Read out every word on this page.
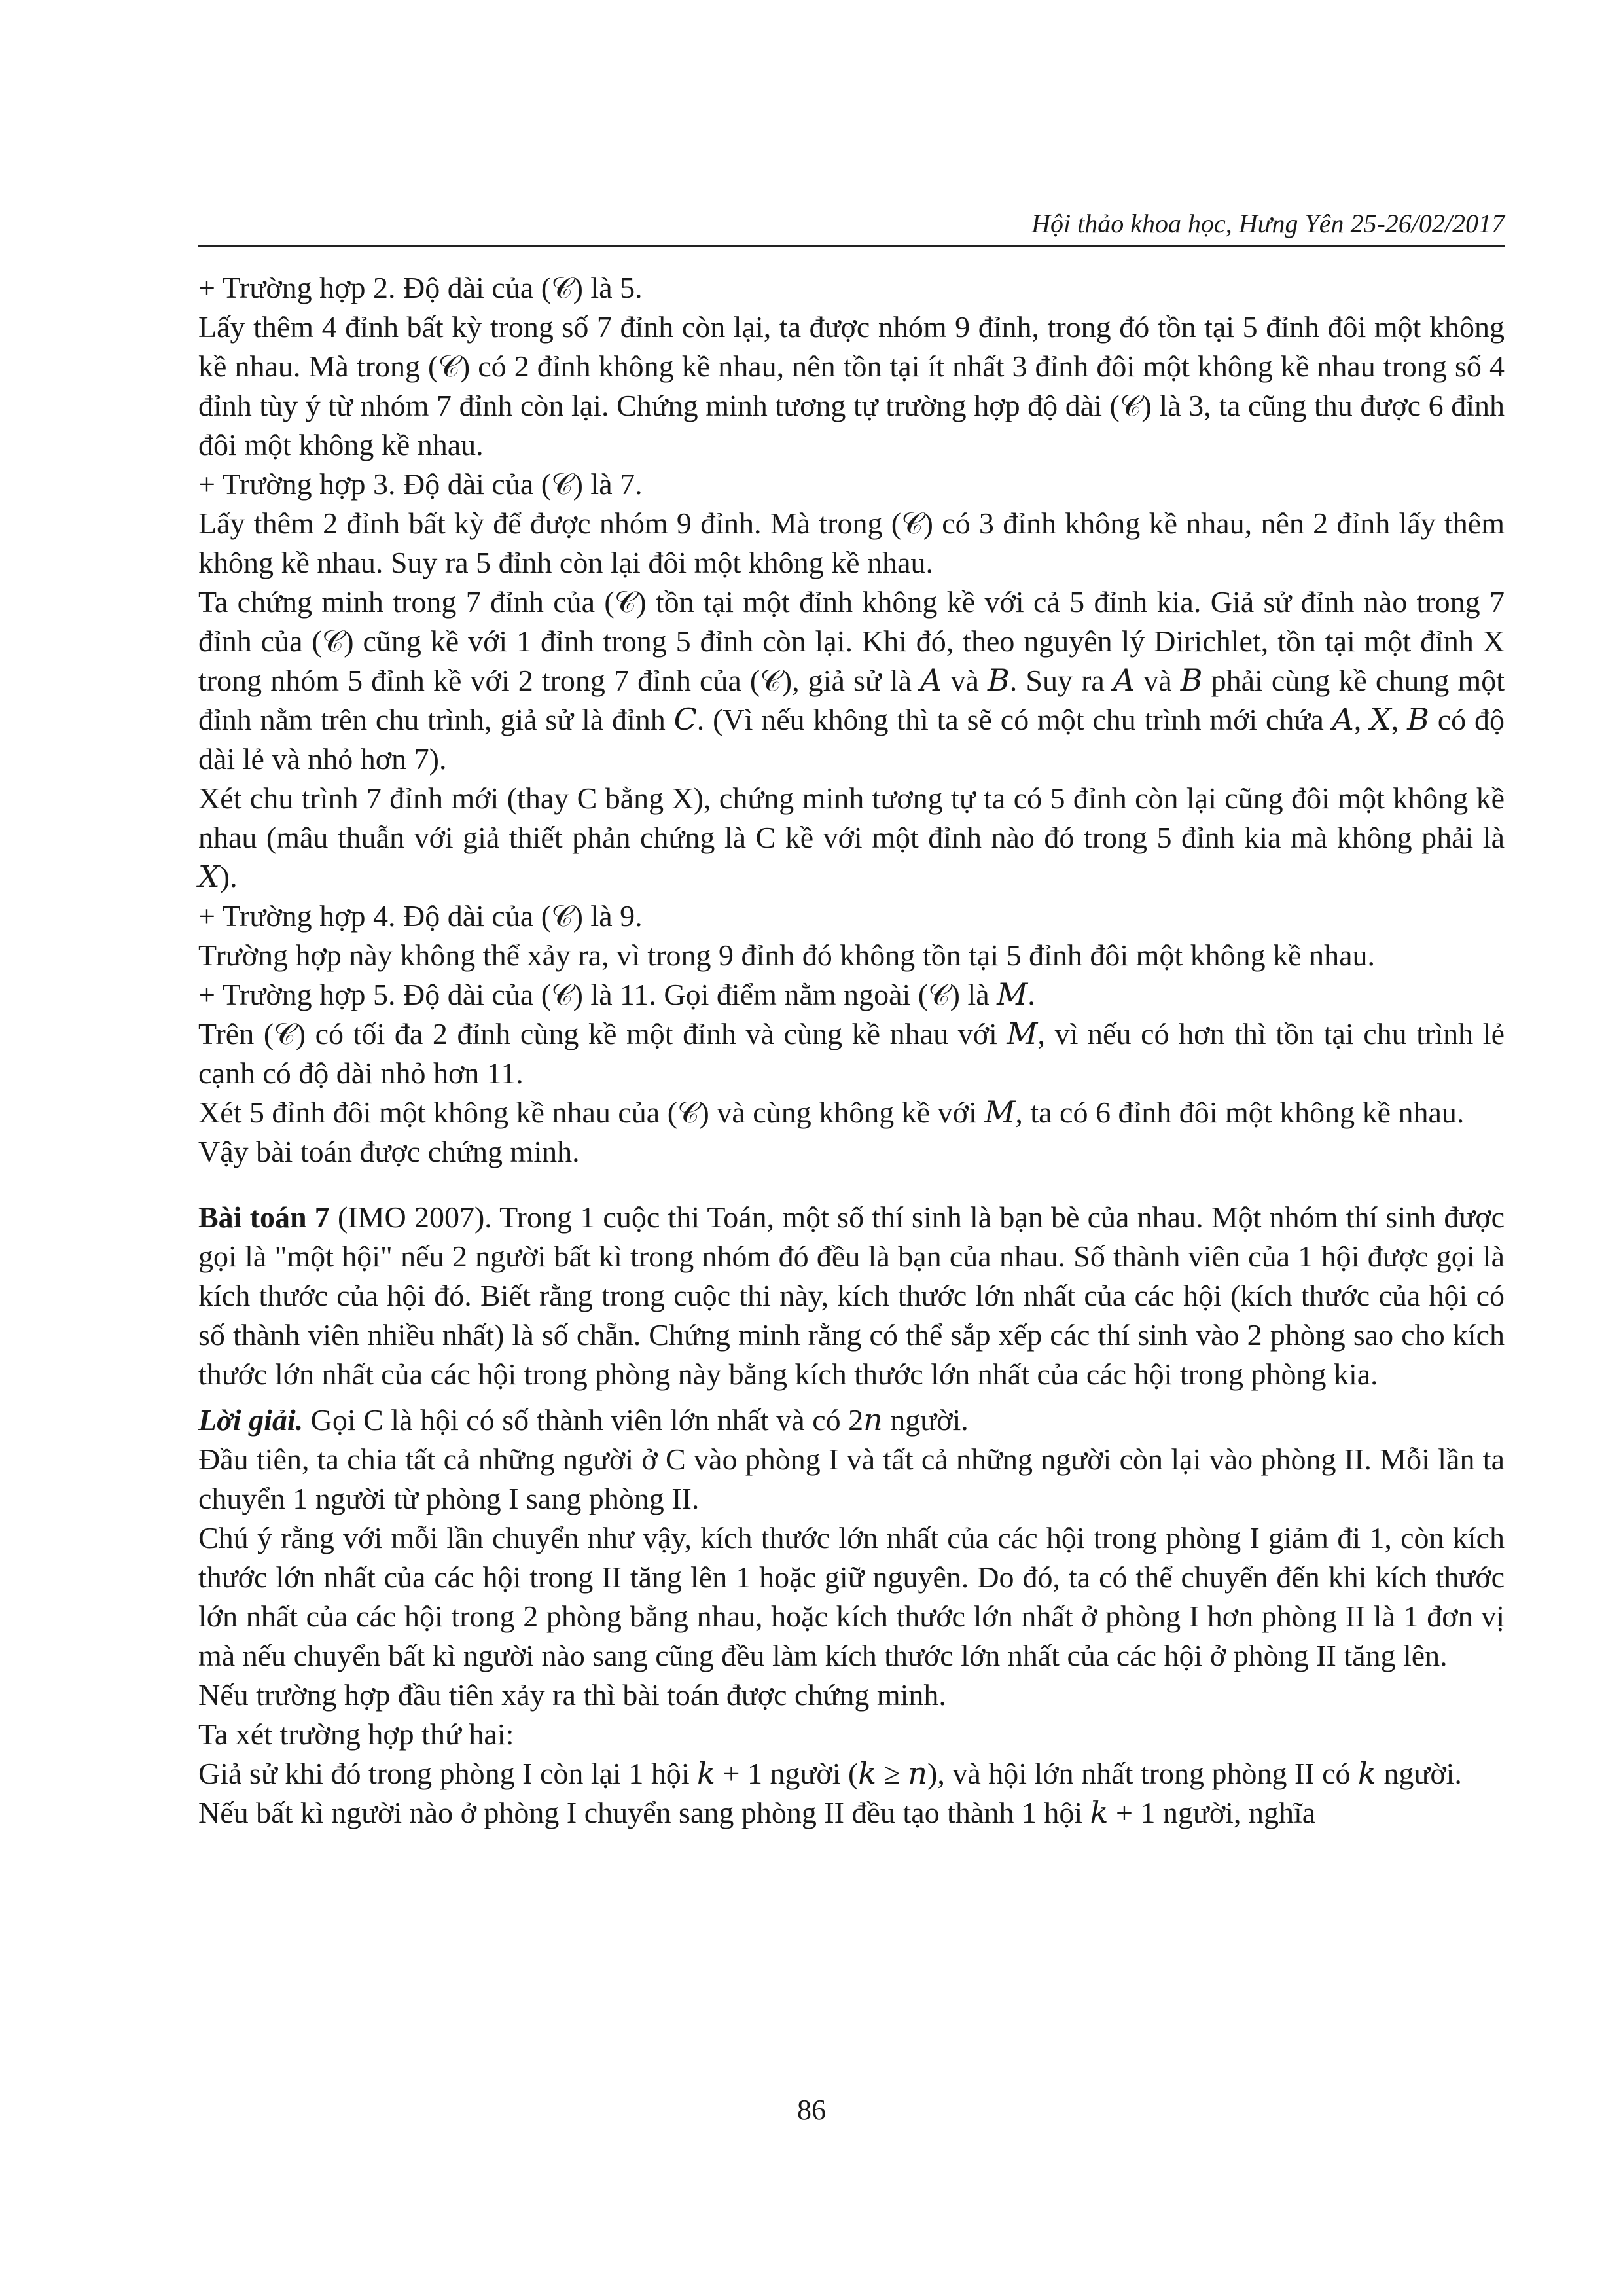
Hội thảo khoa học, Hưng Yên 25-26/02/2017

+ Trường hợp 2. Độ dài của (𝒞) là 5.

Lấy thêm 4 đỉnh bất kỳ trong số 7 đỉnh còn lại, ta được nhóm 9 đỉnh, trong đó tồn tại 5 đỉnh đôi một không kề nhau. Mà trong (𝒞) có 2 đỉnh không kề nhau, nên tồn tại ít nhất 3 đỉnh đôi một không kề nhau trong số 4 đỉnh tùy ý từ nhóm 7 đỉnh còn lại. Chứng minh tương tự trường hợp độ dài (𝒞) là 3, ta cũng thu được 6 đỉnh đôi một không kề nhau.

+ Trường hợp 3. Độ dài của (𝒞) là 7.

Lấy thêm 2 đỉnh bất kỳ để được nhóm 9 đỉnh. Mà trong (𝒞) có 3 đỉnh không kề nhau, nên 2 đỉnh lấy thêm không kề nhau. Suy ra 5 đỉnh còn lại đôi một không kề nhau.

Ta chứng minh trong 7 đỉnh của (𝒞) tồn tại một đỉnh không kề với cả 5 đỉnh kia. Giả sử đỉnh nào trong 7 đỉnh của (𝒞) cũng kề với 1 đỉnh trong 5 đỉnh còn lại. Khi đó, theo nguyên lý Dirichlet, tồn tại một đỉnh X trong nhóm 5 đỉnh kề với 2 trong 7 đỉnh của (𝒞), giả sử là 𝐴 và 𝐵. Suy ra 𝐴 và 𝐵 phải cùng kề chung một đỉnh nằm trên chu trình, giả sử là đỉnh 𝐶. (Vì nếu không thì ta sẽ có một chu trình mới chứa 𝐴, 𝑋, 𝐵 có độ dài lẻ và nhỏ hơn 7).

Xét chu trình 7 đỉnh mới (thay C bằng X), chứng minh tương tự ta có 5 đỉnh còn lại cũng đôi một không kề nhau (mâu thuẫn với giả thiết phản chứng là C kề với một đỉnh nào đó trong 5 đỉnh kia mà không phải là 𝑋).

+ Trường hợp 4. Độ dài của (𝒞) là 9.

Trường hợp này không thể xảy ra, vì trong 9 đỉnh đó không tồn tại 5 đỉnh đôi một không kề nhau.

+ Trường hợp 5. Độ dài của (𝒞) là 11. Gọi điểm nằm ngoài (𝒞) là 𝑀.

Trên (𝒞) có tối đa 2 đỉnh cùng kề một đỉnh và cùng kề nhau với 𝑀, vì nếu có hơn thì tồn tại chu trình lẻ cạnh có độ dài nhỏ hơn 11.

Xét 5 đỉnh đôi một không kề nhau của (𝒞) và cùng không kề với 𝑀, ta có 6 đỉnh đôi một không kề nhau.

Vậy bài toán được chứng minh.

Bài toán 7 (IMO 2007). Trong 1 cuộc thi Toán, một số thí sinh là bạn bè của nhau. Một nhóm thí sinh được gọi là "một hội" nếu 2 người bất kì trong nhóm đó đều là bạn của nhau. Số thành viên của 1 hội được gọi là kích thước của hội đó. Biết rằng trong cuộc thi này, kích thước lớn nhất của các hội (kích thước của hội có số thành viên nhiều nhất) là số chẵn. Chứng minh rằng có thể sắp xếp các thí sinh vào 2 phòng sao cho kích thước lớn nhất của các hội trong phòng này bằng kích thước lớn nhất của các hội trong phòng kia.

Lời giải. Gọi C là hội có số thành viên lớn nhất và có 2𝑛 người.

Đầu tiên, ta chia tất cả những người ở C vào phòng I và tất cả những người còn lại vào phòng II. Mỗi lần ta chuyển 1 người từ phòng I sang phòng II.

Chú ý rằng với mỗi lần chuyển như vậy, kích thước lớn nhất của các hội trong phòng I giảm đi 1, còn kích thước lớn nhất của các hội trong II tăng lên 1 hoặc giữ nguyên. Do đó, ta có thể chuyển đến khi kích thước lớn nhất của các hội trong 2 phòng bằng nhau, hoặc kích thước lớn nhất ở phòng I hơn phòng II là 1 đơn vị mà nếu chuyển bất kì người nào sang cũng đều làm kích thước lớn nhất của các hội ở phòng II tăng lên.

Nếu trường hợp đầu tiên xảy ra thì bài toán được chứng minh.

Ta xét trường hợp thứ hai:

Giả sử khi đó trong phòng I còn lại 1 hội 𝑘 + 1 người (𝑘 ≥ 𝑛), và hội lớn nhất trong phòng II có 𝑘 người.

Nếu bất kì người nào ở phòng I chuyển sang phòng II đều tạo thành 1 hội 𝑘 + 1 người, nghĩa

86
